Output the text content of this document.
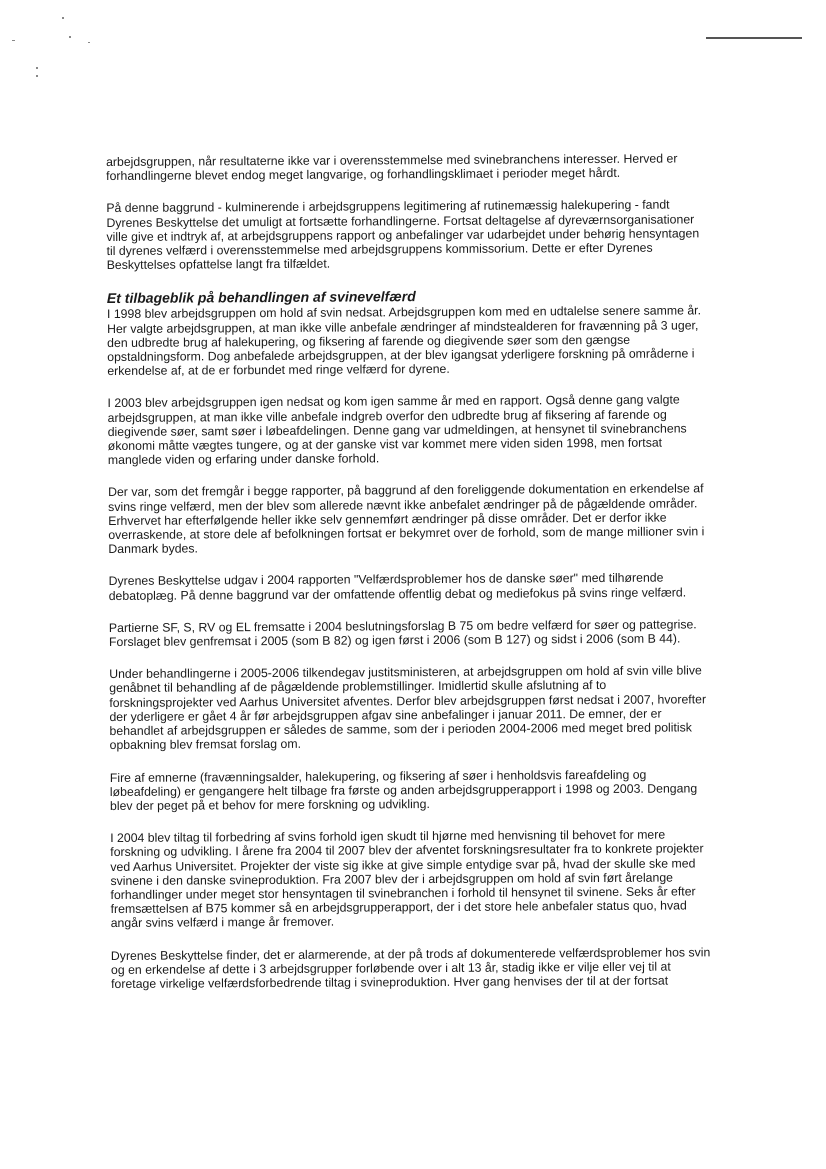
arbejdsgruppen, når resultaterne ikke var i overensstemmelse med svinebranchens interesser. Herved er forhandlingerne blevet endog meget langvarige, og forhandlingsklimaet i perioder meget hårdt.

På denne baggrund - kulminerende i arbejdsgruppens legitimering af rutinemæssig halekupering - fandt Dyrenes Beskyttelse det umuligt at fortsætte forhandlingerne. Fortsat deltagelse af dyreværnsorganisationer ville give et indtryk af, at arbejdsgruppens rapport og anbefalinger var udarbejdet under behørig hensyntagen til dyrenes velfærd i overensstemmelse med arbejdsgruppens kommissorium. Dette er efter Dyrenes Beskyttelses opfattelse langt fra tilfældet.

Et tilbageblik på behandlingen af svinevelfærd

I 1998 blev arbejdsgruppen om hold af svin nedsat. Arbejdsgruppen kom med en udtalelse senere samme år. Her valgte arbejdsgruppen, at man ikke ville anbefale ændringer af mindstealderen for fravænning på 3 uger, den udbredte brug af halekupering, og fiksering af farende og diegivende søer som den gængse opstaldningsform. Dog anbefalede arbejdsgruppen, at der blev igangsat yderligere forskning på områderne i erkendelse af, at de er forbundet med ringe velfærd for dyrene.

I 2003 blev arbejdsgruppen igen nedsat og kom igen samme år med en rapport. Også denne gang valgte arbejdsgruppen, at man ikke ville anbefale indgreb overfor den udbredte brug af fiksering af farende og diegivende søer, samt søer i løbeafdelingen. Denne gang var udmeldingen, at hensynet til svinebranchens økonomi måtte vægtes tungere, og at der ganske vist var kommet mere viden siden 1998, men fortsat manglede viden og erfaring under danske forhold.

Der var, som det fremgår i begge rapporter, på baggrund af den foreliggende dokumentation en erkendelse af svins ringe velfærd, men der blev som allerede nævnt ikke anbefalet ændringer på de pågældende områder. Erhvervet har efterfølgende heller ikke selv gennemført ændringer på disse områder. Det er derfor ikke overraskende, at store dele af befolkningen fortsat er bekymret over de forhold, som de mange millioner svin i Danmark bydes.

Dyrenes Beskyttelse udgav i 2004 rapporten "Velfærdsproblemer hos de danske søer" med tilhørende debatoplæg. På denne baggrund var der omfattende offentlig debat og mediefokus på svins ringe velfærd.

Partierne SF, S, RV og EL fremsatte i 2004 beslutningsforslag B 75 om bedre velfærd for søer og pattegrise. Forslaget blev genfremsat i 2005 (som B 82) og igen først i 2006 (som B 127) og sidst i 2006 (som B 44).

Under behandlingerne i 2005-2006 tilkendegav justitsministeren, at arbejdsgruppen om hold af svin ville blive genåbnet til behandling af de pågældende problemstillinger. Imidlertid skulle afslutning af to forskningsprojekter ved Aarhus Universitet afventes. Derfor blev arbejdsgruppen først nedsat i 2007, hvorefter der yderligere er gået 4 år før arbejdsgruppen afgav sine anbefalinger i januar 2011. De emner, der er behandlet af arbejdsgruppen er således de samme, som der i perioden 2004-2006 med meget bred politisk opbakning blev fremsat forslag om.

Fire af emnerne (fravænningsalder, halekupering, og fiksering af søer i henholdsvis fareafdeling og løbeafdeling) er gengangere helt tilbage fra første og anden arbejdsgrupperapport i 1998 og 2003. Dengang blev der peget på et behov for mere forskning og udvikling.

I 2004 blev tiltag til forbedring af svins forhold igen skudt til hjørne med henvisning til behovet for mere forskning og udvikling. I årene fra 2004 til 2007 blev der afventet forskningsresultater fra to konkrete projekter ved Aarhus Universitet. Projekter der viste sig ikke at give simple entydige svar på, hvad der skulle ske med svinene i den danske svineproduktion. Fra 2007 blev der i arbejdsgruppen om hold af svin ført årelange forhandlinger under meget stor hensyntagen til svinebranchen i forhold til hensynet til svinene. Seks år efter fremsættelsen af B75 kommer så en arbejdsgrupperapport, der i det store hele anbefaler status quo, hvad angår svins velfærd i mange år fremover.

Dyrenes Beskyttelse finder, det er alarmerende, at der på trods af dokumenterede velfærdsproblemer hos svin og en erkendelse af dette i 3 arbejdsgrupper forløbende over i alt 13 år, stadig ikke er vilje eller vej til at foretage virkelige velfærdsforbedrende tiltag i svineproduktion. Hver gang henvises der til at der fortsat
